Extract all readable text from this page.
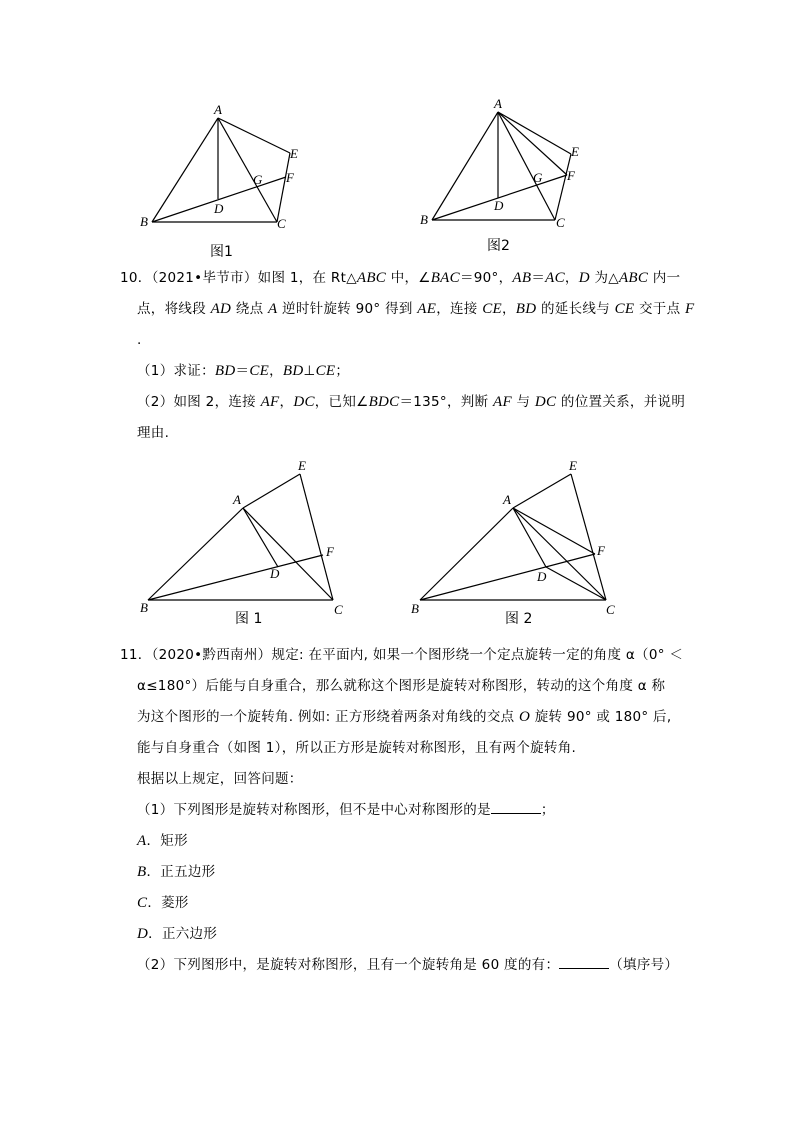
A
B	C
D
E
F
G
图1
A
B	C
D
E
F
G
图2
10．（2021•毕节市）如图 1，在 Rt△ABC 中，∠BAC＝90°，AB＝AC，D 为△ABC 内一
点，将线段 AD 绕点 A 逆时针旋转 90° 得到 AE，连接 CE，BD 的延长线与 CE 交于点 F
.
（1）求证：BD＝CE，BD⊥CE；
（2）如图 2，连接 AF，DC，已知∠BDC＝135°，判断 AF 与 DC 的位置关系，并说明
理由.
A
B	C
D
E
F
图 1
A
B	C
D
E
F
图 2
11．（2020•黔西南州）规定: 在平面内, 如果一个图形绕一个定点旋转一定的角度 α（0° ＜
α≤180°）后能与自身重合，那么就称这个图形是旋转对称图形，转动的这个角度 α 称
为这个图形的一个旋转角. 例如: 正方形绕着两条对角线的交点 O 旋转 90° 或 180° 后,
能与自身重合（如图 1），所以正方形是旋转对称图形，且有两个旋转角.
根据以上规定，回答问题：
（1）下列图形是旋转对称图形，但不是中心对称图形的是	；
A．矩形
B．正五边形
C．菱形
D．正六边形
（2）下列图形中，是旋转对称图形，且有一个旋转角是 60 度的有：	（填序号）
